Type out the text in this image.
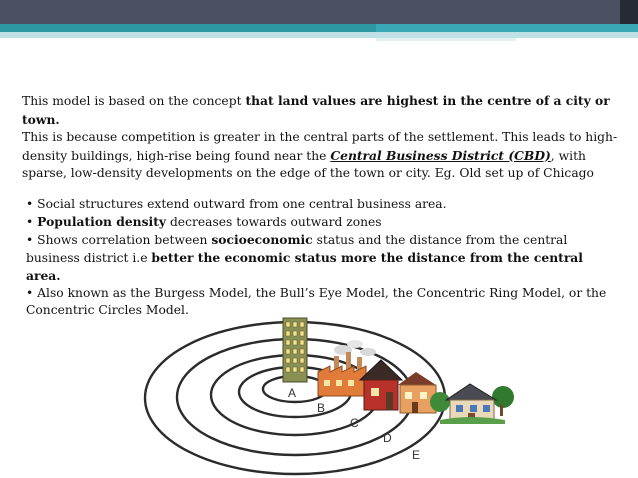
This model is based on the concept that land values are highest in the centre of a city or town.

This is because competition is greater in the central parts of the settlement. This leads to high-density buildings, high-rise being found near the Central Business District (CBD), with sparse, low-density developments on the edge of the town or city. Eg. Old set up of Chicago

• Social structures extend outward from one central business area.

• Population density decreases towards outward zones

• Shows correlation between socioeconomic status and the distance from the central business district i.e better the economic status more the distance from the central area.

• Also known as the Burgess Model, the Bull’s Eye Model, the Concentric Ring Model, or the Concentric Circles Model.

A
B
C
D
E
